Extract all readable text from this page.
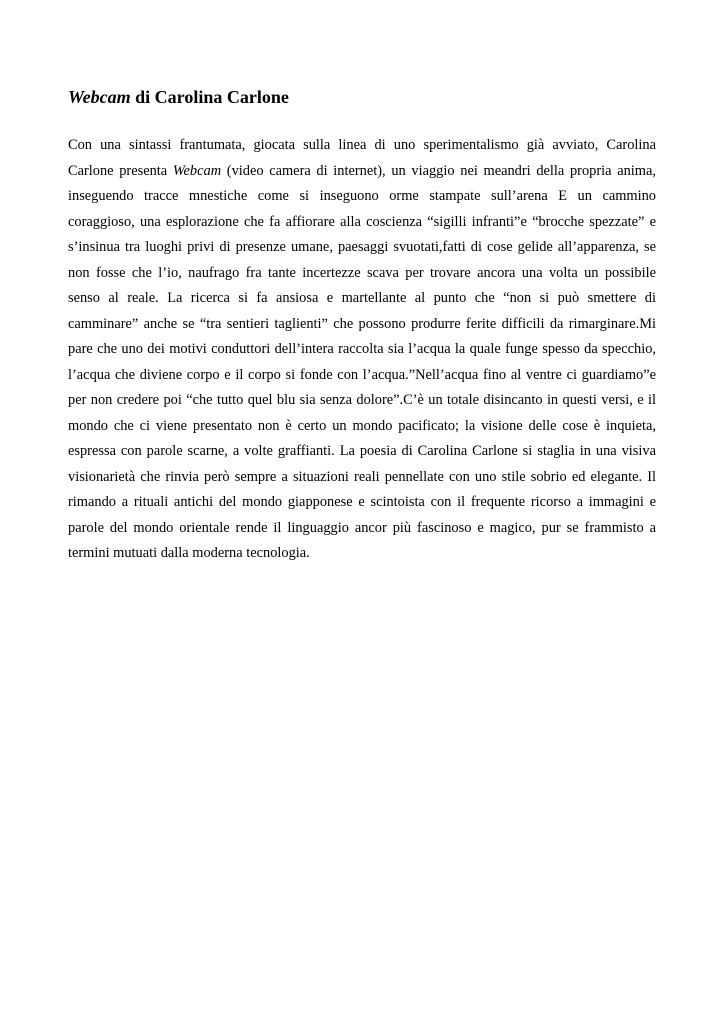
Webcam di Carolina Carlone
Con una sintassi frantumata, giocata sulla linea di uno sperimentalismo già avviato, Carolina
Carlone presenta Webcam (video camera di internet), un viaggio nei meandri della propria anima,
inseguendo tracce mnestiche come si inseguono orme stampate sull’arena E un cammino
coraggioso, una esplorazione che fa affiorare alla coscienza “sigilli infranti”e “brocche spezzate” e
s’insinua tra luoghi privi di presenze umane, paesaggi svuotati,fatti di cose gelide all’apparenza, se
non fosse che l’io, naufrago fra tante incertezze scava per trovare ancora una volta un possibile
senso al reale. La ricerca si fa ansiosa e martellante al punto che “non si può smettere di
camminare” anche se “tra sentieri taglienti” che possono produrre ferite difficili da rimarginare.Mi
pare che uno dei motivi conduttori dell’intera raccolta sia l’acqua la quale funge spesso da specchio,
l’acqua che diviene corpo e il corpo si fonde con l’acqua.”Nell’acqua fino al ventre ci guardiamo”e
per non credere poi “che tutto quel blu sia senza dolore”.C’è un totale disincanto in questi versi, e il
mondo che ci viene presentato non è certo un mondo pacificato; la visione delle cose è inquieta,
espressa con parole scarne, a volte graffianti. La poesia di Carolina Carlone si staglia in una visiva
visionarietà che rinvia però sempre a situazioni reali pennellate con uno stile sobrio ed elegante. Il
rimando a rituali antichi del mondo giapponese e scintoista con il frequente ricorso a immagini e
parole del mondo orientale rende il linguaggio ancor più fascinoso e magico, pur se frammisto a
termini mutuati dalla moderna tecnologia.
